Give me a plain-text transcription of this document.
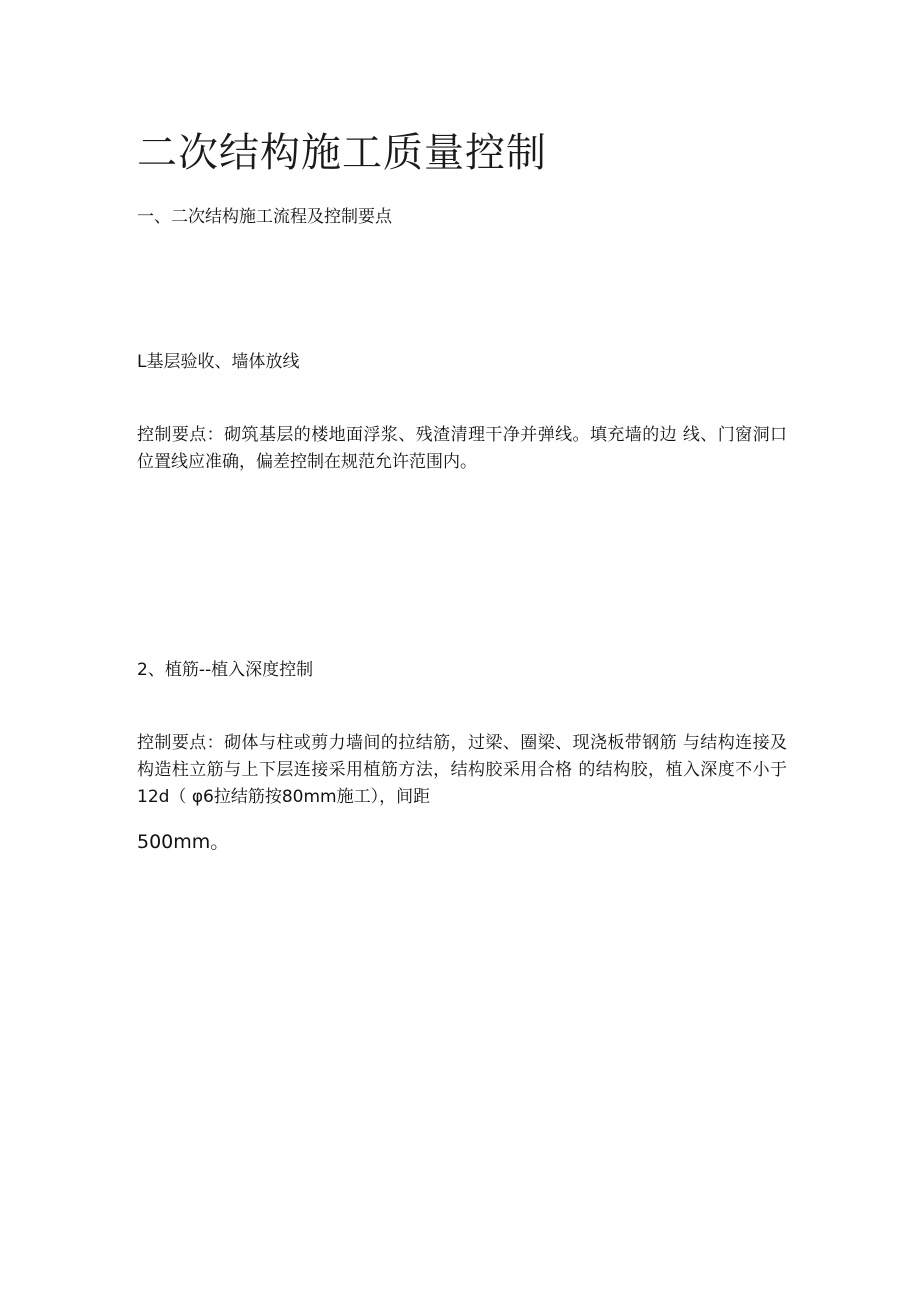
二次结构施工质量控制
一、二次结构施工流程及控制要点
L基层验收、墙体放线

控制要点：砌筑基层的楼地面浮浆、残渣清理干净并弹线。填充墙的边 线、门窗洞口位置线应准确，偏差控制在规范允许范围内。

2、植筋--植入深度控制

控制要点：砌体与柱或剪力墙间的拉结筋，过梁、圈梁、现浇板带钢筋 与结构连接及构造柱立筋与上下层连接采用植筋方法，结构胶采用合格 的结构胶，植入深度不小于12d（ φ6拉结筋按80mm施工），间距

500mm。
